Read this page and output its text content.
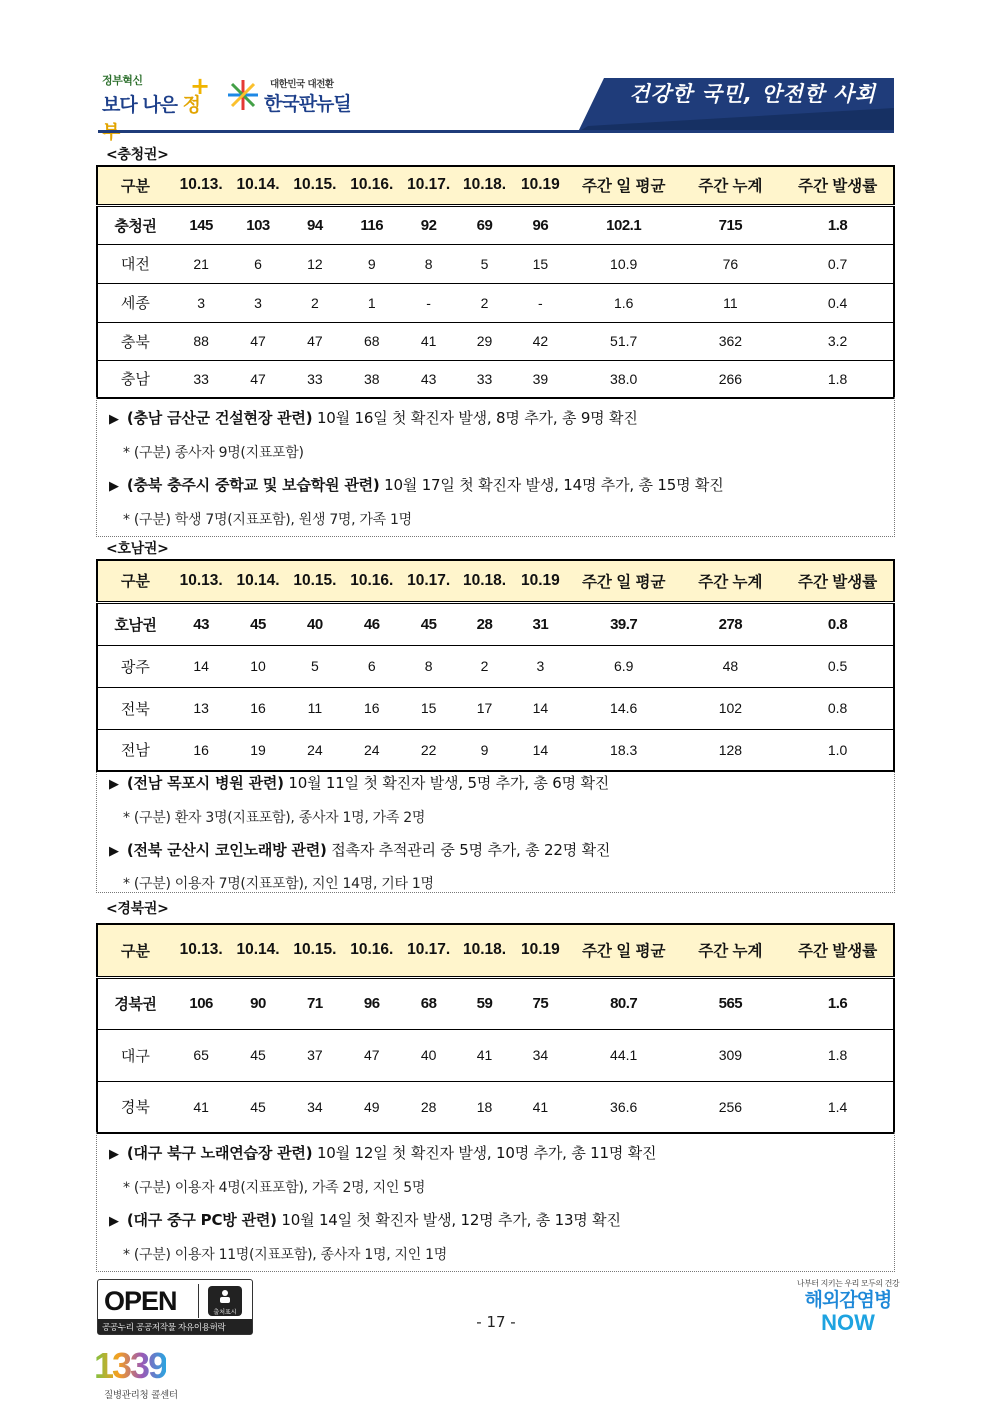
정부혁신
보다 나은 정
+	대한민국 대전환
한국판뉴딜	건강한 국민, 안전한 사회
<충청권>
구분	10.13.	10.14.	10.15.	10.16.	10.17.	10.18.	10.19	주간 일 평균	주간 누계	주간 발생률
충청권	145	103	94	116	92	69	96	102.1	715	1.8
대전	21	6	12	9	8	5	15	10.9	76	0.7
세종	3	3	2	1	-	2	-	1.6	11	0.4
충북	88	47	47	68	41	29	42	51.7	362	3.2
충남	33	47	33	38	43	33	39	38.0	266	1.8
▶ (충남 금산군 건설현장 관련) 10월 16일 첫 확진자 발생, 8명 추가, 총 9명 확진
* (구분) 종사자 9명(지표포함)
▶ (충북 충주시 중학교 및 보습학원 관련) 10월 17일 첫 확진자 발생, 14명 추가, 총 15명 확진
* (구분) 학생 7명(지표포함), 원생 7명, 가족 1명
<호남권>
구분	10.13.	10.14.	10.15.	10.16.	10.17.	10.18.	10.19	주간 일 평균	주간 누계	주간 발생률
호남권	43	45	40	46	45	28	31	39.7	278	0.8
광주	14	10	5	6	8	2	3	6.9	48	0.5
전북	13	16	11	16	15	17	14	14.6	102	0.8
전남	16	19	24	24	22	9	14	18.3	128	1.0
▶ (전남 목포시 병원 관련) 10월 11일 첫 확진자 발생, 5명 추가, 총 6명 확진
* (구분) 환자 3명(지표포함), 종사자 1명, 가족 2명
▶ (전북 군산시 코인노래방 관련) 접촉자 추적관리 중 5명 추가, 총 22명 확진
* (구분) 이용자 7명(지표포함), 지인 14명, 기타 1명
<경북권>
구분	10.13.	10.14.	10.15.	10.16.	10.17.	10.18.	10.19	주간 일 평균	주간 누계	주간 발생률
경북권	106	90	71	96	68	59	75	80.7	565	1.6
대구	65	45	37	47	40	41	34	44.1	309	1.8
경북	41	45	34	49	28	18	41	36.6	256	1.4
▶ (대구 북구 노래연습장 관련) 10월 12일 첫 확진자 발생, 10명 추가, 총 11명 확진
* (구분) 이용자 4명(지표포함), 가족 2명, 지인 5명
▶ (대구 중구 PC방 관련) 10월 14일 첫 확진자 발생, 12명 추가, 총 13명 확진
* (구분) 이용자 11명(지표포함), 종사자 1명, 지인 1명
OPEN	출처표시
공공누리 공공저작물 자유이용허락	- 17 -
1339
질병관리청 콜센터
나부터 지키는 우리 모두의 건강
해외감염병
NOW
